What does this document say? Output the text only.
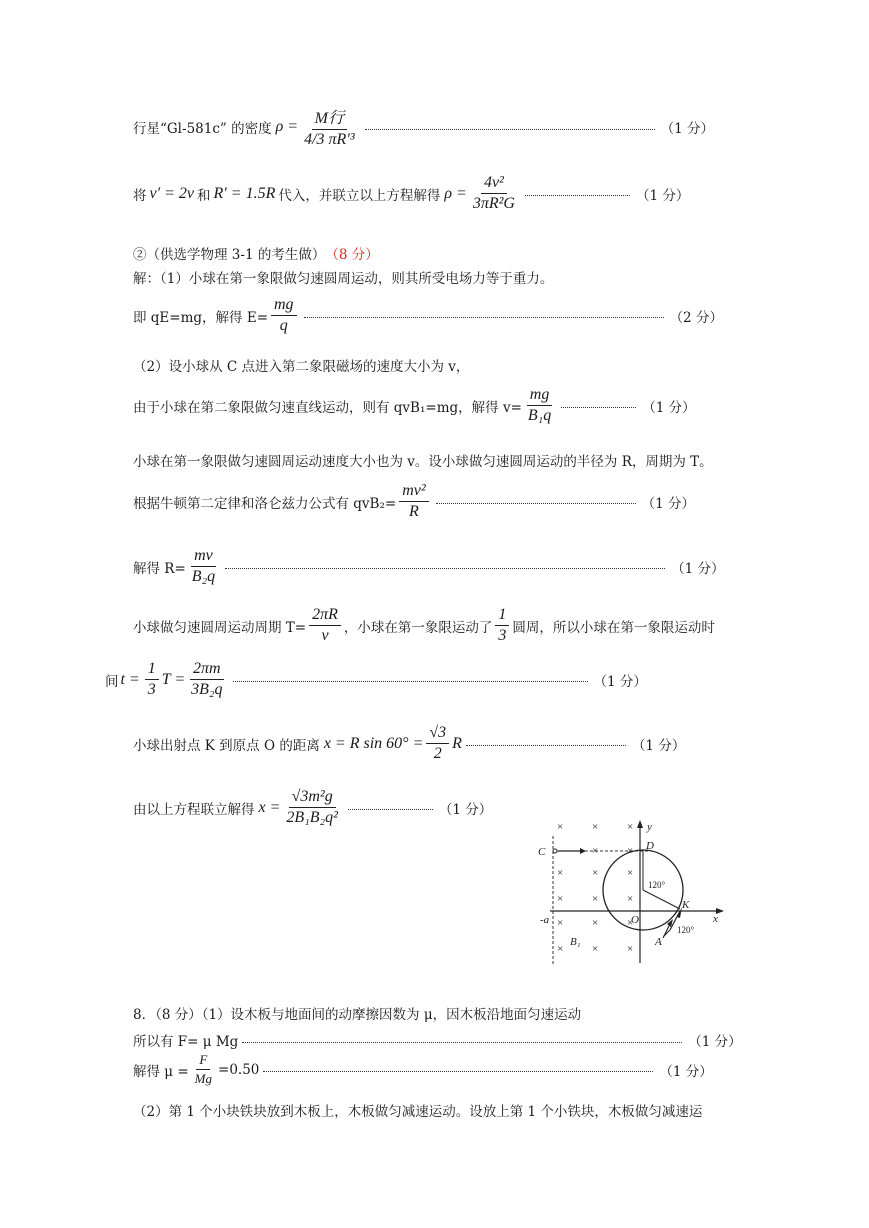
行星“Gl-581c” 的密度 $\rho = \frac{\text{M行}}{\text{4/3 πR′³}}$	（1 分）
将 v′ = 2v 和 R′ = 1.5R 代入，并联立以上方程解得 $\rho = \frac{\text{4v²}}{\text{3πR²G}}$	（1 分）
②（供选学物理 3-1 的考生做） （8 分）
解：（1）小球在第一象限做匀速圆周运动，则其所受电场力等于重力。
即 qE=mg，解得 $E= \frac{mg}{q}$	（2 分）
（2）设小球从 C 点进入第二象限磁场的速度大小为 v，
由于小球在第二象限做匀速直线运动，则有 qvB₁=mg，解得 $v= \frac{mg}{\text{B₁q}}$	（1 分）
小球在第一象限做匀速圆周运动速度大小也为 v。设小球做匀速圆周运动的半径为 R，周期为 T。
根据牛顿第二定律和洛仑兹力公式有 $qvB_2= \frac{\text{mv²}}{R}$	（1 分）
解得 $R= \frac{mv}{\text{B₂q}}$	（1 分）
小球做匀速圆周运动周期 $T= \frac{2\pi R}{v}$ ，小球在第一象限运动了 $\frac{1}{3}$ 圆周，所以小球在第一象限运动时
间 $t = \frac{1}{3}$ $T = \frac{2\pi m}{\text{3B₂q}}$	（1 分）
小球出射点 K 到原点 O 的距离 x = R $\sin 60^\circ = \frac{√3}{2}$ R	（1 分）
由以上方程联立解得 $x = \frac{\text{√3m²g}}{\text{2B₁B₂q²}}$	（1 分）
×	×	×
×	×
×	×	×
×	×	×
×	×	×
×	×	×
C	D
y
x
K
A
O
-a
B₁
120°
120°
8．（8 分）（1）设木板与地面间的动摩擦因数为 μ，因木板沿地面匀速运动
所以有 F= μ Mg	（1 分）
解得 $\mu = \frac{F}{Mg} =0.50$	（1 分）
（2）第 1 个小块铁块放到木板上，木板做匀减速运动。设放上第 1 个小铁块，木板做匀减速运
